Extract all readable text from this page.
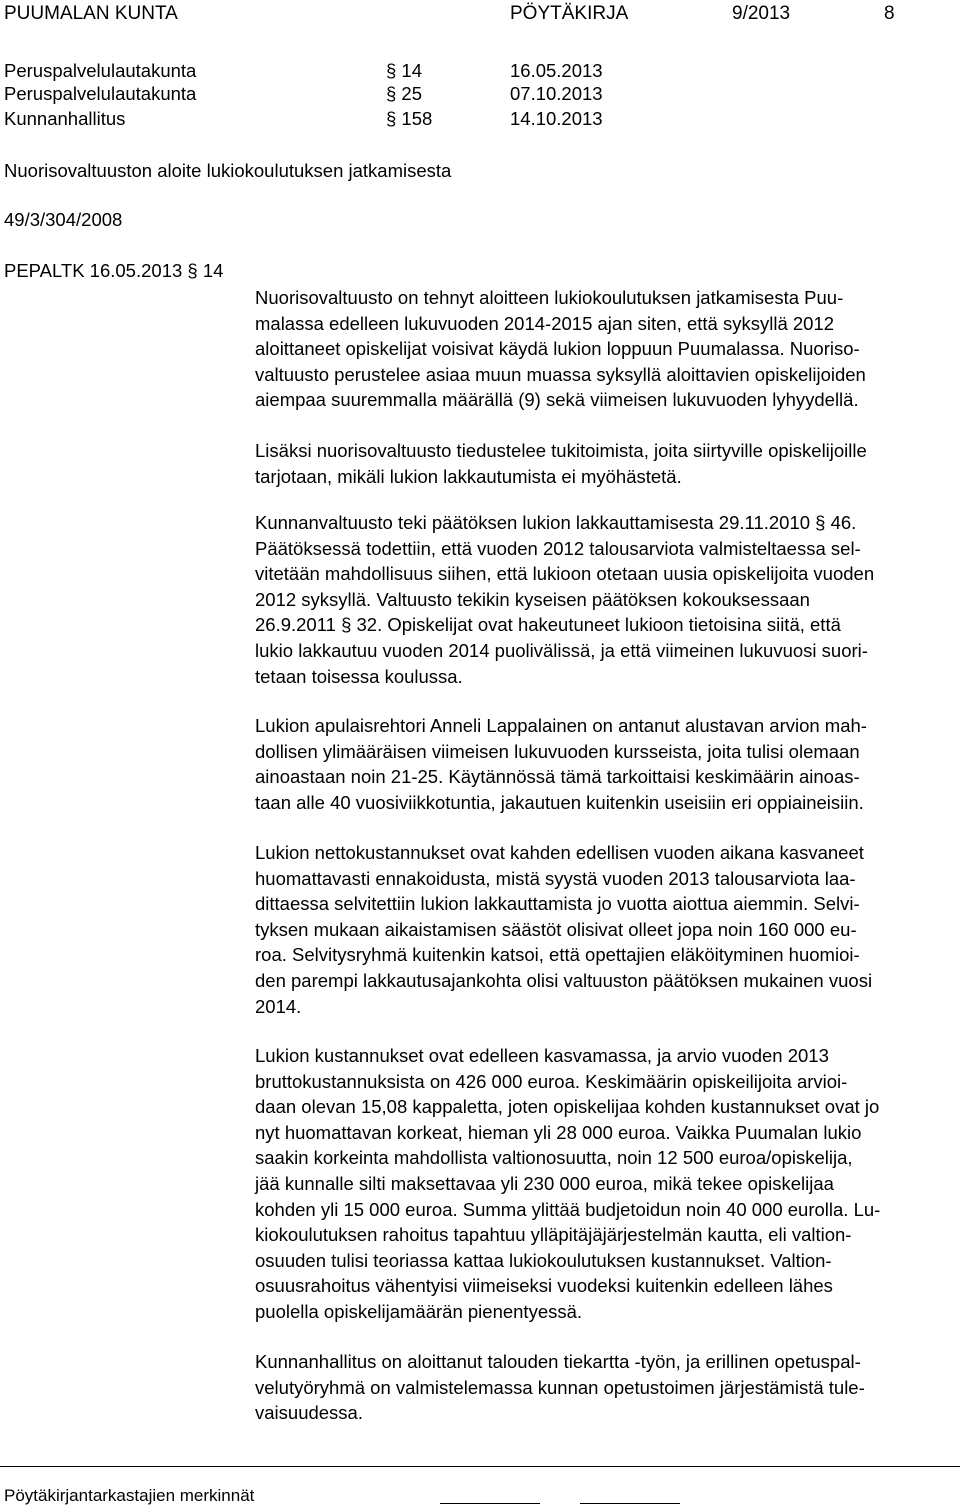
PUUMALAN KUNTA	PÖYTÄKIRJA	9/2013	8
Peruspalvelulautakunta	§ 14	16.05.2013
Peruspalvelulautakunta	§ 25	07.10.2013
Kunnanhallitus	§ 158	14.10.2013
Nuorisovaltuuston aloite lukiokoulutuksen jatkamisesta
49/3/304/2008
PEPALTK 16.05.2013 § 14
Nuorisovaltuusto on tehnyt aloitteen lukiokoulutuksen jatkamisesta Puu-
malassa edelleen lukuvuoden 2014-2015 ajan siten, että syksyllä 2012
aloittaneet opiskelijat voisivat käydä lukion loppuun Puumalassa. Nuoriso-
valtuusto perustelee asiaa muun muassa syksyllä aloittavien opiskelijoiden
aiempaa suuremmalla määrällä (9) sekä viimeisen lukuvuoden lyhyydellä.
Lisäksi nuorisovaltuusto tiedustelee tukitoimista, joita siirtyville opiskelijoille
tarjotaan, mikäli lukion lakkautumista ei myöhästetä.
Kunnanvaltuusto teki päätöksen lukion lakkauttamisesta 29.11.2010 § 46.
Päätöksessä todettiin, että vuoden 2012 talousarviota valmisteltaessa sel-
vitetään mahdollisuus siihen, että lukioon otetaan uusia opiskelijoita vuoden
2012 syksyllä. Valtuusto tekikin kyseisen päätöksen kokouksessaan
26.9.2011 § 32. Opiskelijat ovat hakeutuneet lukioon tietoisina siitä, että
lukio lakkautuu vuoden 2014 puolivälissä, ja että viimeinen lukuvuosi suori-
tetaan toisessa koulussa.
Lukion apulaisrehtori Anneli Lappalainen on antanut alustavan arvion mah-
dollisen ylimääräisen viimeisen lukuvuoden kursseista, joita tulisi olemaan
ainoastaan noin 21-25. Käytännössä tämä tarkoittaisi keskimäärin ainoas-
taan alle 40 vuosiviikkotuntia, jakautuen kuitenkin useisiin eri oppiaineisiin.
Lukion nettokustannukset ovat kahden edellisen vuoden aikana kasvaneet
huomattavasti ennakoidusta, mistä syystä vuoden 2013 talousarviota laa-
dittaessa selvitettiin lukion lakkauttamista jo vuotta aiottua aiemmin. Selvi-
tyksen mukaan aikaistamisen säästöt olisivat olleet jopa noin 160 000 eu-
roa. Selvitysryhmä kuitenkin katsoi, että opettajien eläköityminen huomioi-
den parempi lakkautusajankohta olisi valtuuston päätöksen mukainen vuosi
2014.
Lukion kustannukset ovat edelleen kasvamassa, ja arvio vuoden 2013
bruttokustannuksista on 426 000 euroa. Keskimäärin opiskeilijoita arvioi-
daan olevan 15,08 kappaletta, joten opiskelijaa kohden kustannukset ovat jo
nyt huomattavan korkeat, hieman yli 28 000 euroa. Vaikka Puumalan lukio
saakin korkeinta mahdollista valtionosuutta, noin 12 500 euroa/opiskelija,
jää kunnalle silti maksettavaa yli 230 000 euroa, mikä tekee opiskelijaa
kohden yli 15 000 euroa. Summa ylittää budjetoidun noin 40 000 eurolla. Lu-
kiokoulutuksen rahoitus tapahtuu ylläpitäjäjärjestelmän kautta, eli valtion-
osuuden tulisi teoriassa kattaa lukiokoulutuksen kustannukset. Valtion-
osuusrahoitus vähentyisi viimeiseksi vuodeksi kuitenkin edelleen lähes
puolella opiskelijamäärän pienentyessä.
Kunnanhallitus on aloittanut talouden tiekartta -työn, ja erillinen opetuspal-
velutyöryhmä on valmistelemassa kunnan opetustoimen järjestämistä tule-
vaisuudessa.
Pöytäkirjantarkastajien merkinnät
